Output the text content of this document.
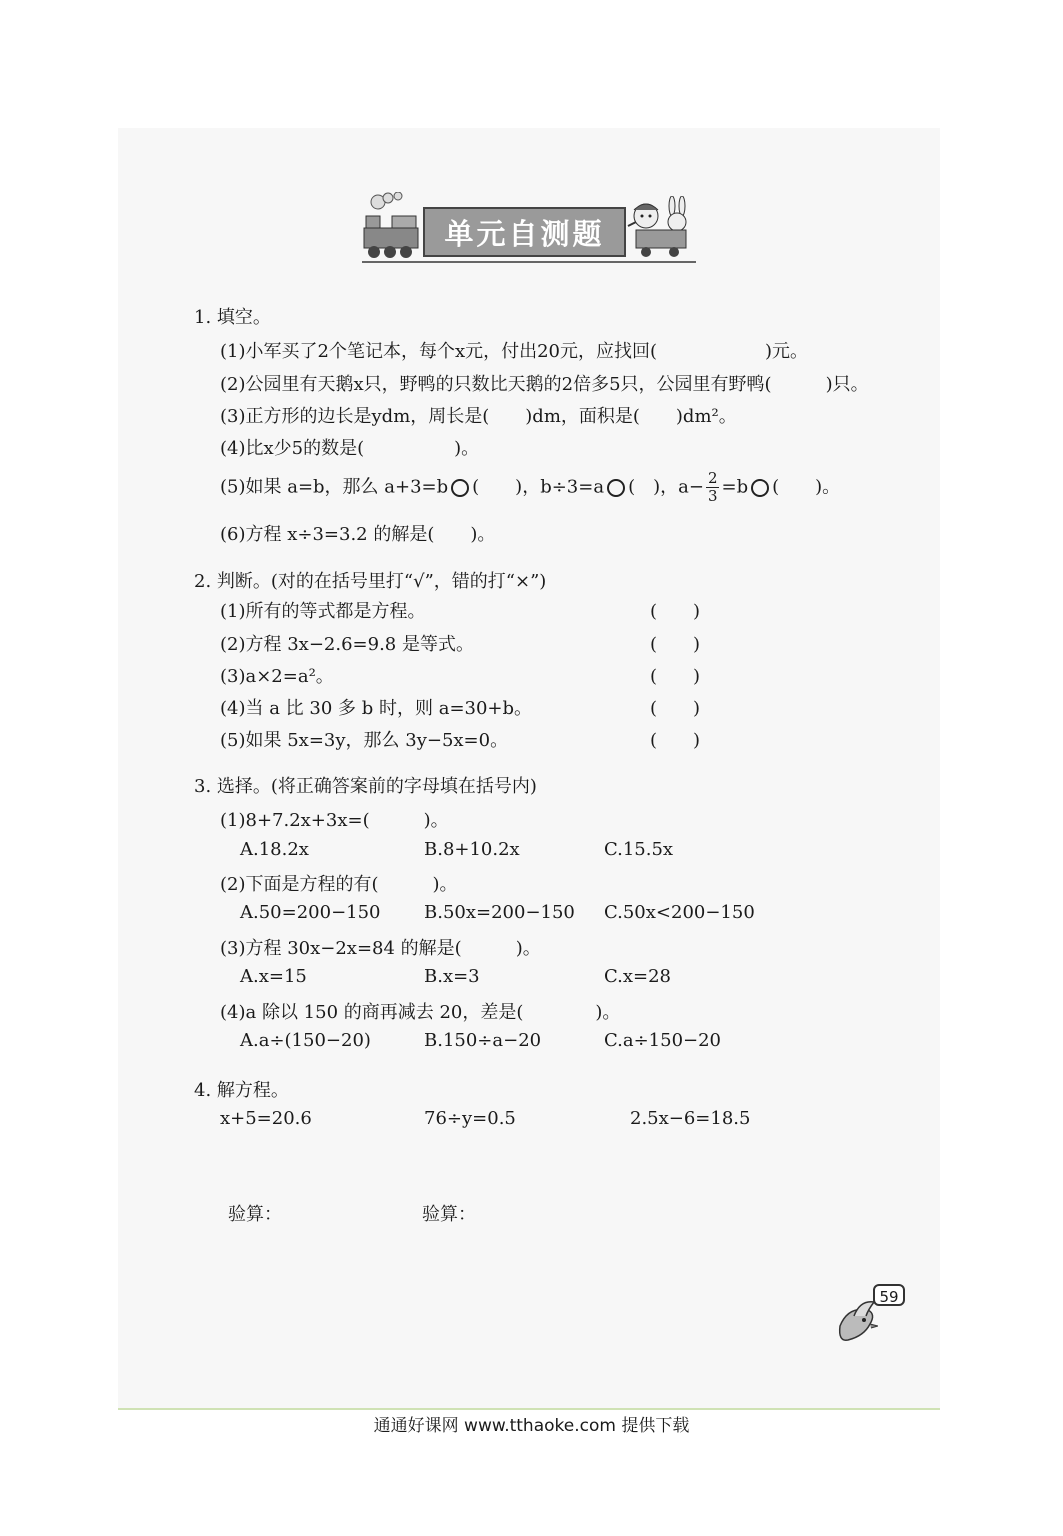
单元自测题
1. 填空。
(1)小军买了2个笔记本，每个x元，付出20元，应找回(　　　　　　)元。
(2)公园里有天鹅x只，野鸭的只数比天鹅的2倍多5只，公园里有野鸭(　　　)只。
(3)正方形的边长是ydm，周长是(　　)dm，面积是(　　)dm²。
(4)比x少5的数是(　　　　　)。
(5)如果 a=b，那么 a+3=b (　　)，b÷3=a (　)，$a- \frac{2}{3} =b$ (　　)。
(6)方程 x÷3=3.2 的解是(　　)。
2. 判断。(对的在括号里打“√”，错的打“×”)
(1)所有的等式都是方程。	(　　)
(2)方程 3x−2.6=9.8 是等式。	(　　)
(3)a×2=a²。	(　　)
(4)当 a 比 30 多 b 时，则 a=30+b。	(　　)
(5)如果 5x=3y，那么 3y−5x=0。	(　　)
3. 选择。(将正确答案前的字母填在括号内)
(1)8+7.2x+3x=(　　　)。
A.18.2x	B.8+10.2x	C.15.5x
(2)下面是方程的有(　　　)。
A.50=200−150 B.50x=200−150 C.50x<200−150
(3)方程 30x−2x=84 的解是(　　　)。
A.x=15	B.x=3	C.x=28
(4)a 除以 150 的商再减去 20，差是(　　　　)。
A.a÷(150−20)	B.150÷a−20	C.a÷150−20
4. 解方程。
x+5=20.6	76÷y=0.5	2.5x−6=18.5
验算：	验算：
59
通通好课网 www.tthaoke.com 提供下载
